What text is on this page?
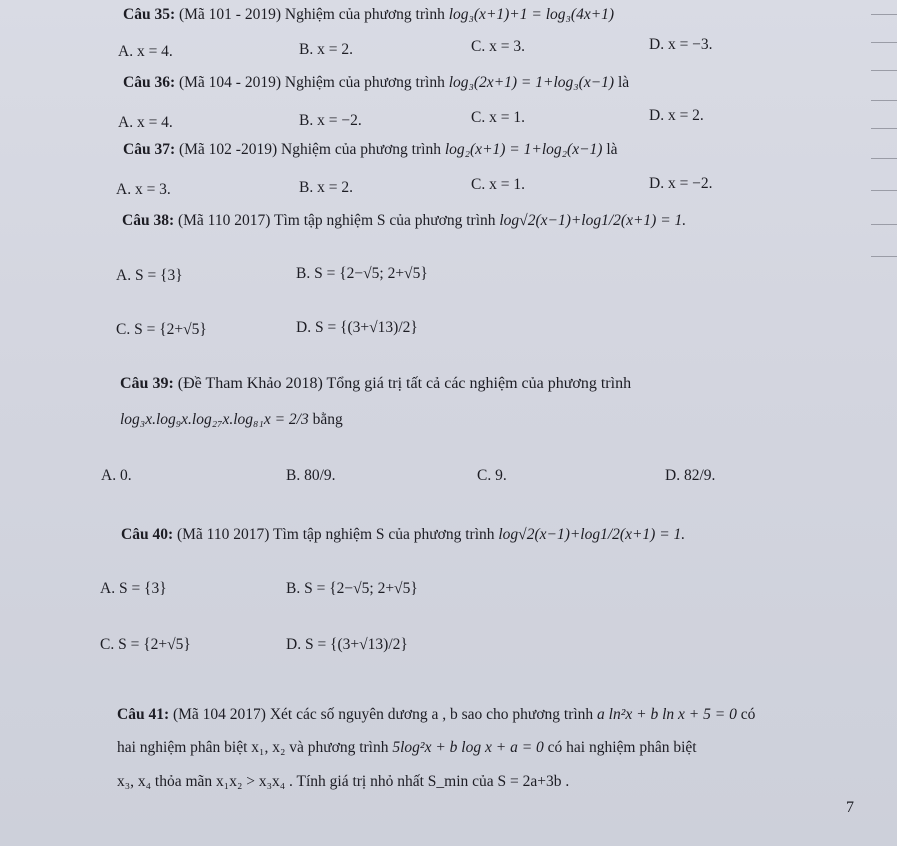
Câu 35: (Mã 101 - 2019) Nghiệm của phương trình log₃(x+1)+1 = log₃(4x+1)
A. x = 4.	B. x = 2.	C. x = 3.	D. x = −3.
Câu 36: (Mã 104 - 2019) Nghiệm của phương trình log₃(2x+1) = 1+log₃(x−1) là
A. x = 4.	B. x = −2.	C. x = 1.	D. x = 2.
Câu 37: (Mã 102 -2019) Nghiệm của phương trình log₂(x+1) = 1+log₂(x−1) là
A. x = 3.	B. x = 2.	C. x = 1.	D. x = −2.
Câu 38: (Mã 110 2017) Tìm tập nghiệm S của phương trình log√2(x−1)+log1/2(x+1) = 1.
A. S = {3}	B. S = {2−√5; 2+√5}
C. S = {2+√5}	D. S = {(3+√13)/2}
Câu 39: (Đề Tham Khảo 2018) Tổng giá trị tất cả các nghiệm của phương trình
log₃x.log₉x.log₂₇x.log₈₁x = 2/3 bằng
A. 0.	B. 80/9.	C. 9.	D. 82/9.
Câu 40: (Mã 110 2017) Tìm tập nghiệm S của phương trình log√2(x−1)+log1/2(x+1) = 1.
A. S = {3}	B. S = {2−√5; 2+√5}
C. S = {2+√5}	D. S = {(3+√13)/2}
Câu 41: (Mã 104 2017) Xét các số nguyên dương a , b sao cho phương trình a ln²x + b ln x + 5 = 0 có
hai nghiệm phân biệt x₁, x₂ và phương trình 5log²x + b log x + a = 0 có hai nghiệm phân biệt
x₃, x₄ thỏa mãn x₁x₂ > x₃x₄ . Tính giá trị nhỏ nhất S_min của S = 2a+3b .
7
